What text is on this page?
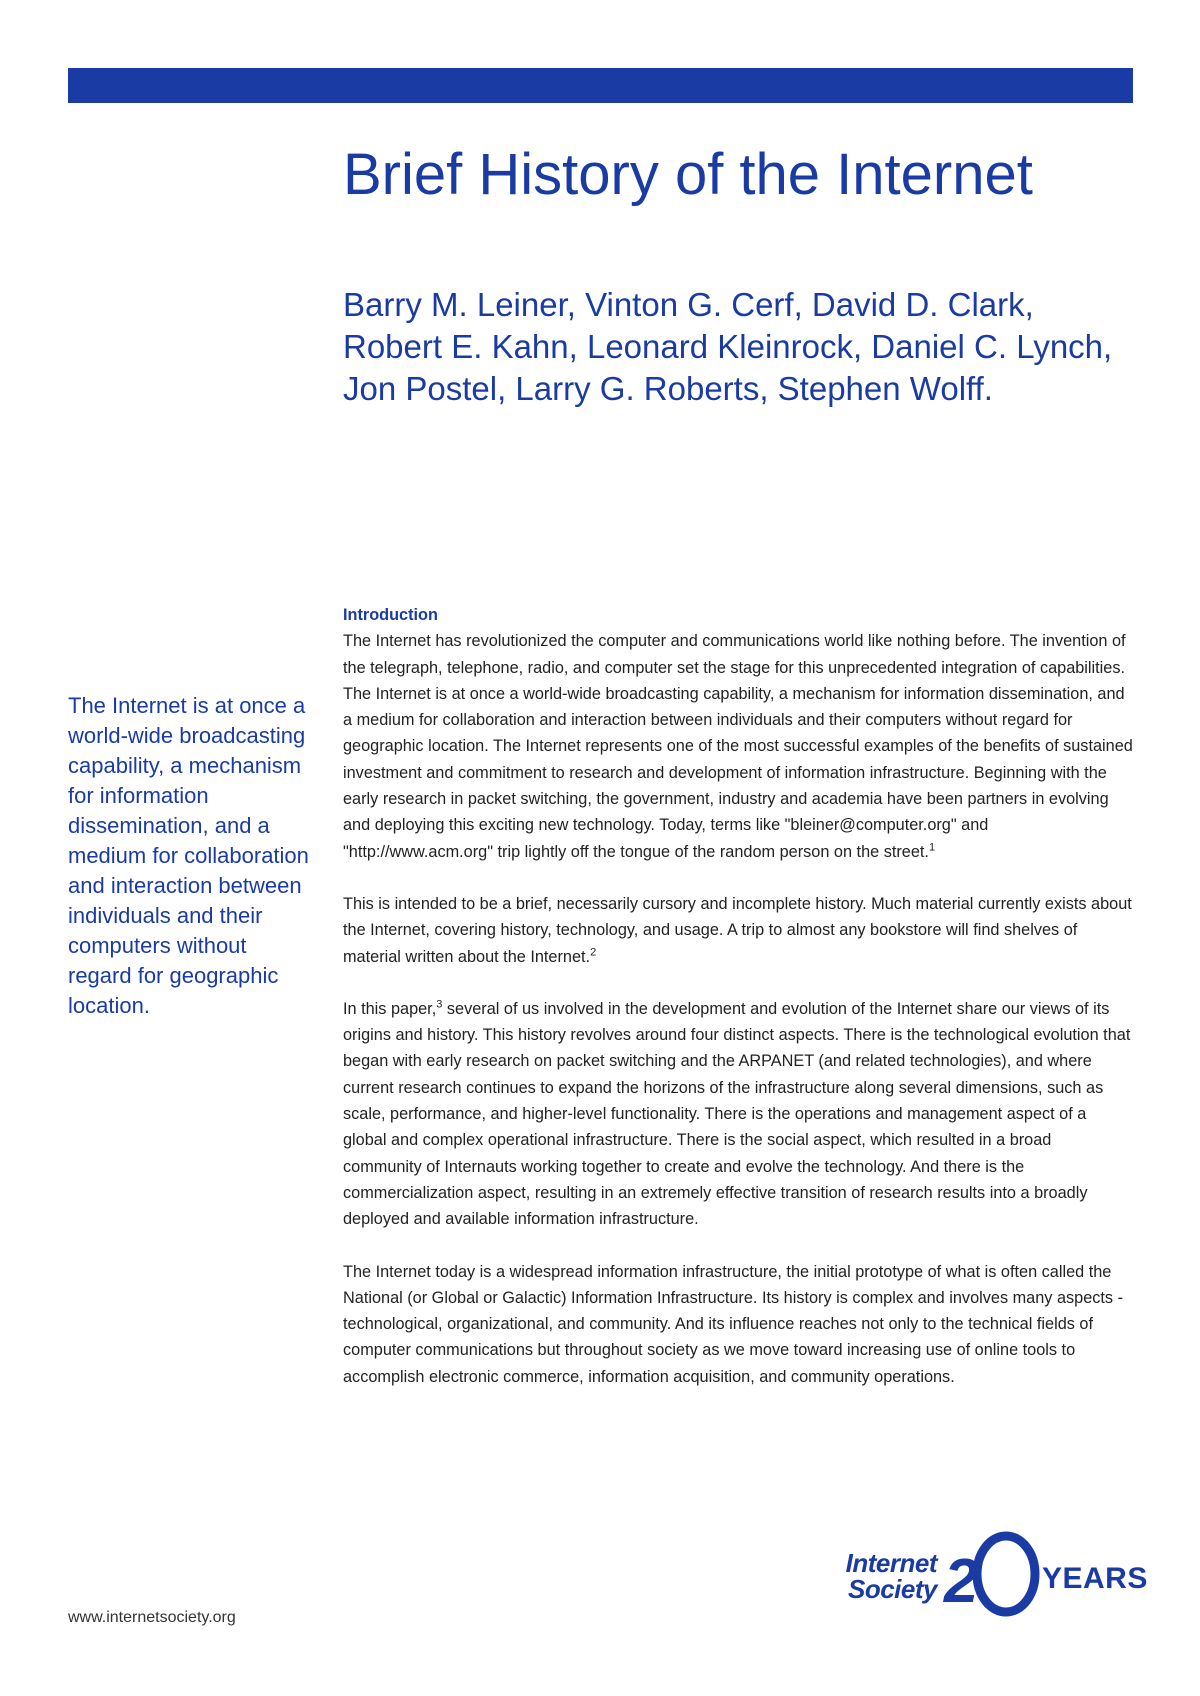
Brief History of the Internet

Barry M. Leiner, Vinton G. Cerf, David D. Clark, Robert E. Kahn, Leonard Kleinrock, Daniel C. Lynch, Jon Postel, Larry G. Roberts, Stephen Wolff.

The Internet is at once a world-wide broadcasting capability, a mechanism for information dissemination, and a medium for collaboration and interaction between individuals and their computers without regard for geographic location.

Introduction

The Internet has revolutionized the computer and communications world like nothing before. The invention of the telegraph, telephone, radio, and computer set the stage for this unprecedented integration of capabilities. The Internet is at once a world-wide broadcasting capability, a mechanism for information dissemination, and a medium for collaboration and interaction between individuals and their computers without regard for geographic location. The Internet represents one of the most successful examples of the benefits of sustained investment and commitment to research and development of information infrastructure. Beginning with the early research in packet switching, the government, industry and academia have been partners in evolving and deploying this exciting new technology. Today, terms like "bleiner@computer.org" and "http://www.acm.org" trip lightly off the tongue of the random person on the street.$^1$

This is intended to be a brief, necessarily cursory and incomplete history. Much material currently exists about the Internet, covering history, technology, and usage. A trip to almost any bookstore will find shelves of material written about the Internet.$^2$

In this paper,$^3$ several of us involved in the development and evolution of the Internet share our views of its origins and history. This history revolves around four distinct aspects. There is the technological evolution that began with early research on packet switching and the ARPANET (and related technologies), and where current research continues to expand the horizons of the infrastructure along several dimensions, such as scale, performance, and higher-level functionality. There is the operations and management aspect of a global and complex operational infrastructure. There is the social aspect, which resulted in a broad community of Internauts working together to create and evolve the technology. And there is the commercialization aspect, resulting in an extremely effective transition of research results into a broadly deployed and available information infrastructure.

The Internet today is a widespread information infrastructure, the initial prototype of what is often called the National (or Global or Galactic) Information Infrastructure. Its history is complex and involves many aspects - technological, organizational, and community. And its influence reaches not only to the technical fields of computer communications but throughout society as we move toward increasing use of online tools to accomplish electronic commerce, information acquisition, and community operations.

www.internetsociety.org
Internet
Society 2 YEARS
